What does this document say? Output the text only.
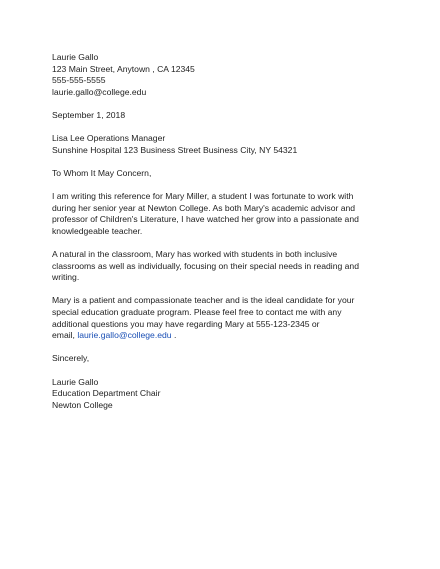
Laurie Gallo

123 Main Street, Anytown , CA 12345

555-555-5555

laurie.gallo@college.edu

September 1, 2018

Lisa Lee Operations Manager

Sunshine Hospital 123 Business Street Business City, NY 54321

To Whom It May Concern,

I am writing this reference for Mary Miller, a student I was fortunate to work with

during her senior year at Newton College. As both Mary's academic advisor and

professor of Children's Literature, I have watched her grow into a passionate and

knowledgeable teacher.

A natural in the classroom, Mary has worked with students in both inclusive

classrooms as well as individually, focusing on their special needs in reading and

writing.

Mary is a patient and compassionate teacher and is the ideal candidate for your

special education graduate program. Please feel free to contact me with any

additional questions you may have regarding Mary at 555-123-2345 or

email, laurie.gallo@college.edu .

Sincerely,

Laurie Gallo

Education Department Chair

Newton College
